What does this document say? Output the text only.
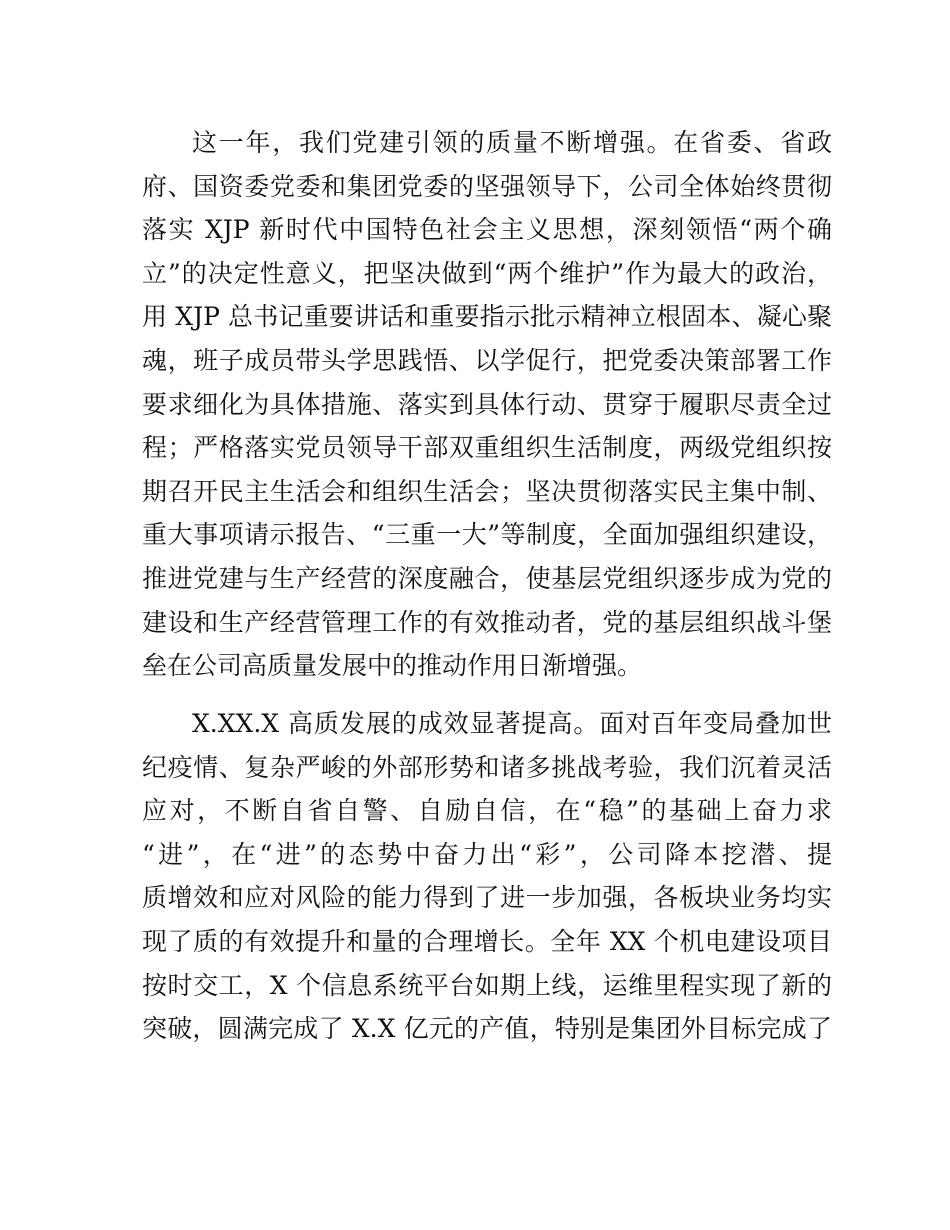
这一年，我们党建引领的质量不断增强。在省委、省政
府、国资委党委和集团党委的坚强领导下，公司全体始终贯彻
落实 XJP 新时代中国特色社会主义思想，深刻领悟“两个确
立”的决定性意义，把坚决做到“两个维护”作为最大的政治，
用 XJP 总书记重要讲话和重要指示批示精神立根固本、凝心聚
魂，班子成员带头学思践悟、以学促行，把党委决策部署工作
要求细化为具体措施、落实到具体行动、贯穿于履职尽责全过
程；严格落实党员领导干部双重组织生活制度，两级党组织按
期召开民主生活会和组织生活会；坚决贯彻落实民主集中制、
重大事项请示报告、“三重一大”等制度，全面加强组织建设，
推进党建与生产经营的深度融合，使基层党组织逐步成为党的
建设和生产经营管理工作的有效推动者，党的基层组织战斗堡
垒在公司高质量发展中的推动作用日渐增强。
X.XX.X 高质发展的成效显著提高。面对百年变局叠加世
纪疫情、复杂严峻的外部形势和诸多挑战考验，我们沉着灵活
应对，不断自省自警、自励自信，在“稳”的基础上奋力求
“进”，在“进”的态势中奋力出“彩”，公司降本挖潜、提
质增效和应对风险的能力得到了进一步加强，各板块业务均实
现了质的有效提升和量的合理增长。全年 XX 个机电建设项目
按时交工，X 个信息系统平台如期上线，运维里程实现了新的
突破，圆满完成了 X.X 亿元的产值，特别是集团外目标完成了
